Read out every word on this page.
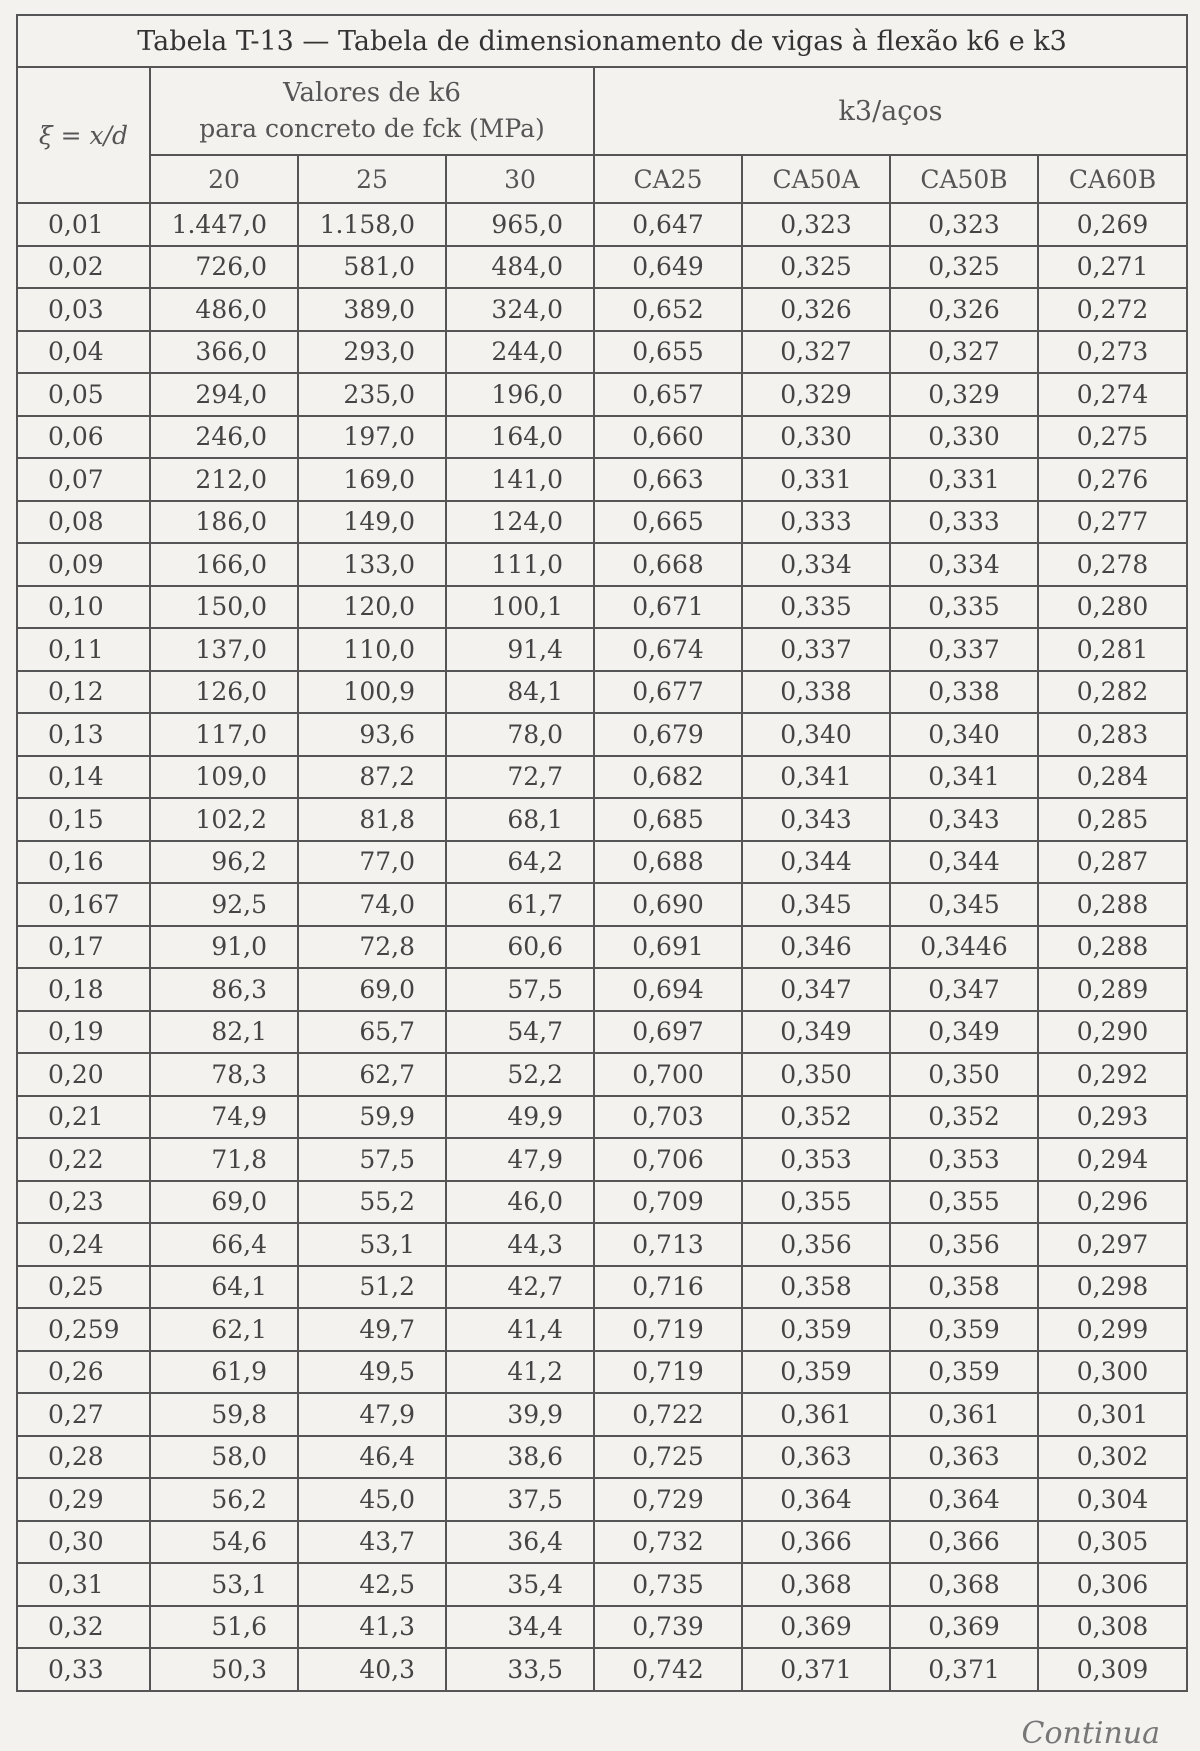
Tabela T-13 — Tabela de dimensionamento de vigas à flexão k6 e k3							
ξ = x/d	Valores de k6
para concreto de fck (MPa)			k3/aços			
	20	25	30	CA25	CA50A	CA50B	CA60B
0,01	1.447,0	1.158,0	965,0	0,647	0,323	0,323	0,269
0,02	726,0	581,0	484,0	0,649	0,325	0,325	0,271
0,03	486,0	389,0	324,0	0,652	0,326	0,326	0,272
0,04	366,0	293,0	244,0	0,655	0,327	0,327	0,273
0,05	294,0	235,0	196,0	0,657	0,329	0,329	0,274
0,06	246,0	197,0	164,0	0,660	0,330	0,330	0,275
0,07	212,0	169,0	141,0	0,663	0,331	0,331	0,276
0,08	186,0	149,0	124,0	0,665	0,333	0,333	0,277
0,09	166,0	133,0	111,0	0,668	0,334	0,334	0,278
0,10	150,0	120,0	100,1	0,671	0,335	0,335	0,280
0,11	137,0	110,0	91,4	0,674	0,337	0,337	0,281
0,12	126,0	100,9	84,1	0,677	0,338	0,338	0,282
0,13	117,0	93,6	78,0	0,679	0,340	0,340	0,283
0,14	109,0	87,2	72,7	0,682	0,341	0,341	0,284
0,15	102,2	81,8	68,1	0,685	0,343	0,343	0,285
0,16	96,2	77,0	64,2	0,688	0,344	0,344	0,287
0,167	92,5	74,0	61,7	0,690	0,345	0,345	0,288
0,17	91,0	72,8	60,6	0,691	0,346	0,3446	0,288
0,18	86,3	69,0	57,5	0,694	0,347	0,347	0,289
0,19	82,1	65,7	54,7	0,697	0,349	0,349	0,290
0,20	78,3	62,7	52,2	0,700	0,350	0,350	0,292
0,21	74,9	59,9	49,9	0,703	0,352	0,352	0,293
0,22	71,8	57,5	47,9	0,706	0,353	0,353	0,294
0,23	69,0	55,2	46,0	0,709	0,355	0,355	0,296
0,24	66,4	53,1	44,3	0,713	0,356	0,356	0,297
0,25	64,1	51,2	42,7	0,716	0,358	0,358	0,298
0,259	62,1	49,7	41,4	0,719	0,359	0,359	0,299
0,26	61,9	49,5	41,2	0,719	0,359	0,359	0,300
0,27	59,8	47,9	39,9	0,722	0,361	0,361	0,301
0,28	58,0	46,4	38,6	0,725	0,363	0,363	0,302
0,29	56,2	45,0	37,5	0,729	0,364	0,364	0,304
0,30	54,6	43,7	36,4	0,732	0,366	0,366	0,305
0,31	53,1	42,5	35,4	0,735	0,368	0,368	0,306
0,32	51,6	41,3	34,4	0,739	0,369	0,369	0,308
0,33	50,3	40,3	33,5	0,742	0,371	0,371	0,309
Continua
